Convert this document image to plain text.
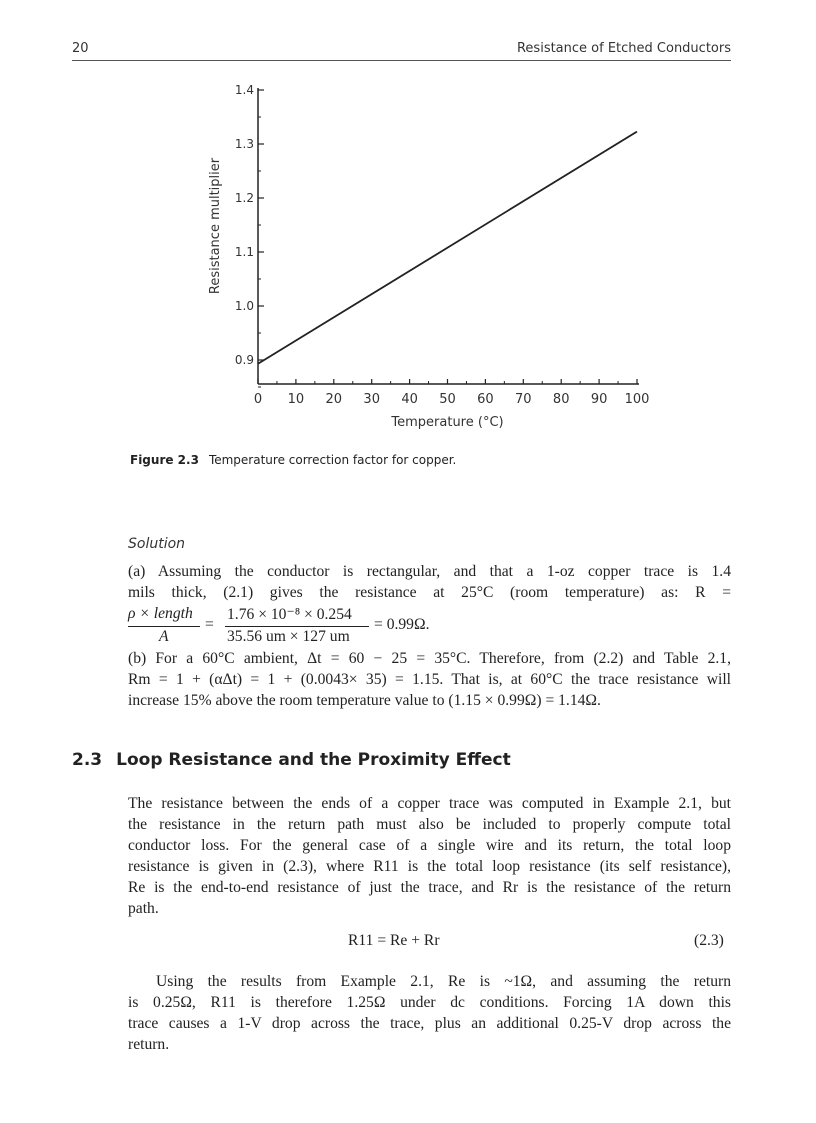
20	Resistance of Etched Conductors
0 10 20 30 40 50 60 70 80 90 100
0.9
1.0
1.1
1.2
1.3
1.4
Temperature (°C)
Resistance multiplier
Figure 2.3 Temperature correction factor for copper.
Solution
(a) Assuming the conductor is rectangular, and that a 1-oz copper trace is 1.4
mils thick, (2.1) gives the resistance at 25°C (room temperature) as: R =
ρ × length
A
=
1.76 × 10⁻⁸ × 0.254
35.56 um × 127 um
= 0.99Ω.
(b) For a 60°C ambient, Δt = 60 − 25 = 35°C. Therefore, from (2.2) and Table 2.1,
Rm = 1 + (αΔt) = 1 + (0.0043× 35) = 1.15. That is, at 60°C the trace resistance will
increase 15% above the room temperature value to (1.15 × 0.99Ω) = 1.14Ω.
2.3 Loop Resistance and the Proximity Effect
The resistance between the ends of a copper trace was computed in Example 2.1, but
the resistance in the return path must also be included to properly compute total
conductor loss. For the general case of a single wire and its return, the total loop
resistance is given in (2.3), where R11 is the total loop resistance (its self resistance),
Re is the end-to-end resistance of just the trace, and Rr is the resistance of the return
path.
R11 = Re + Rr	(2.3)
Using the results from Example 2.1, Re is ~1Ω, and assuming the return
is 0.25Ω, R11 is therefore 1.25Ω under dc conditions. Forcing 1A down this
trace causes a 1-V drop across the trace, plus an additional 0.25-V drop across the
return.
